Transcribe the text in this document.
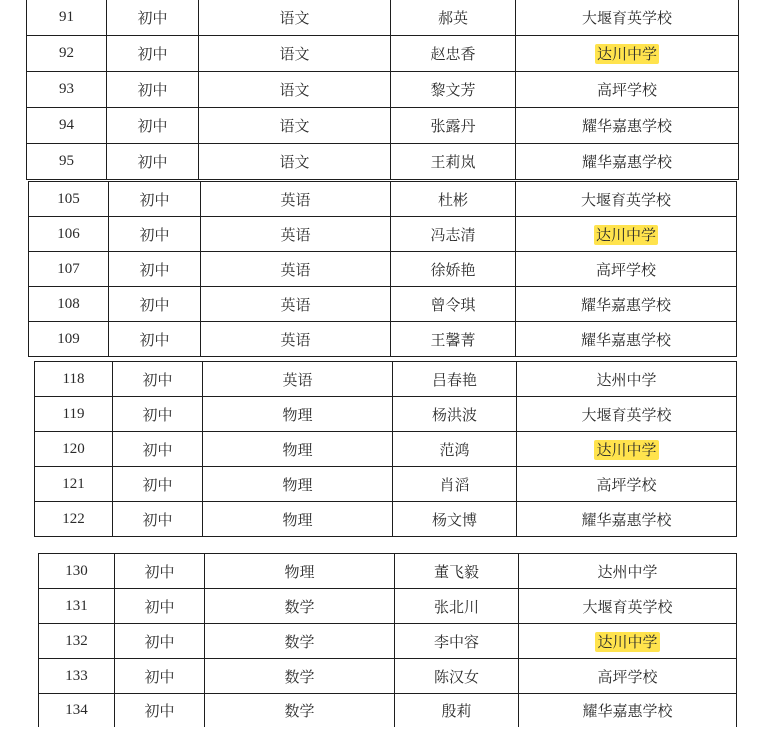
91	初中	语文	郝英	大堰育英学校
92	初中	语文	赵忠香	达川中学
93	初中	语文	黎文芳	高坪学校
94	初中	语文	张露丹	耀华嘉惠学校
95	初中	语文	王莉岚	耀华嘉惠学校
105	初中	英语	杜彬	大堰育英学校
106	初中	英语	冯志清	达川中学
107	初中	英语	徐娇艳	高坪学校
108	初中	英语	曾令琪	耀华嘉惠学校
109	初中	英语	王馨菁	耀华嘉惠学校
118	初中	英语	吕春艳	达州中学
119	初中	物理	杨洪波	大堰育英学校
120	初中	物理	范鸿	达川中学
121	初中	物理	肖滔	高坪学校
122	初中	物理	杨文博	耀华嘉惠学校
130	初中	物理	董飞毅	达州中学
131	初中	数学	张北川	大堰育英学校
132	初中	数学	李中容	达川中学
133	初中	数学	陈汉女	高坪学校
134	初中	数学	殷莉	耀华嘉惠学校
